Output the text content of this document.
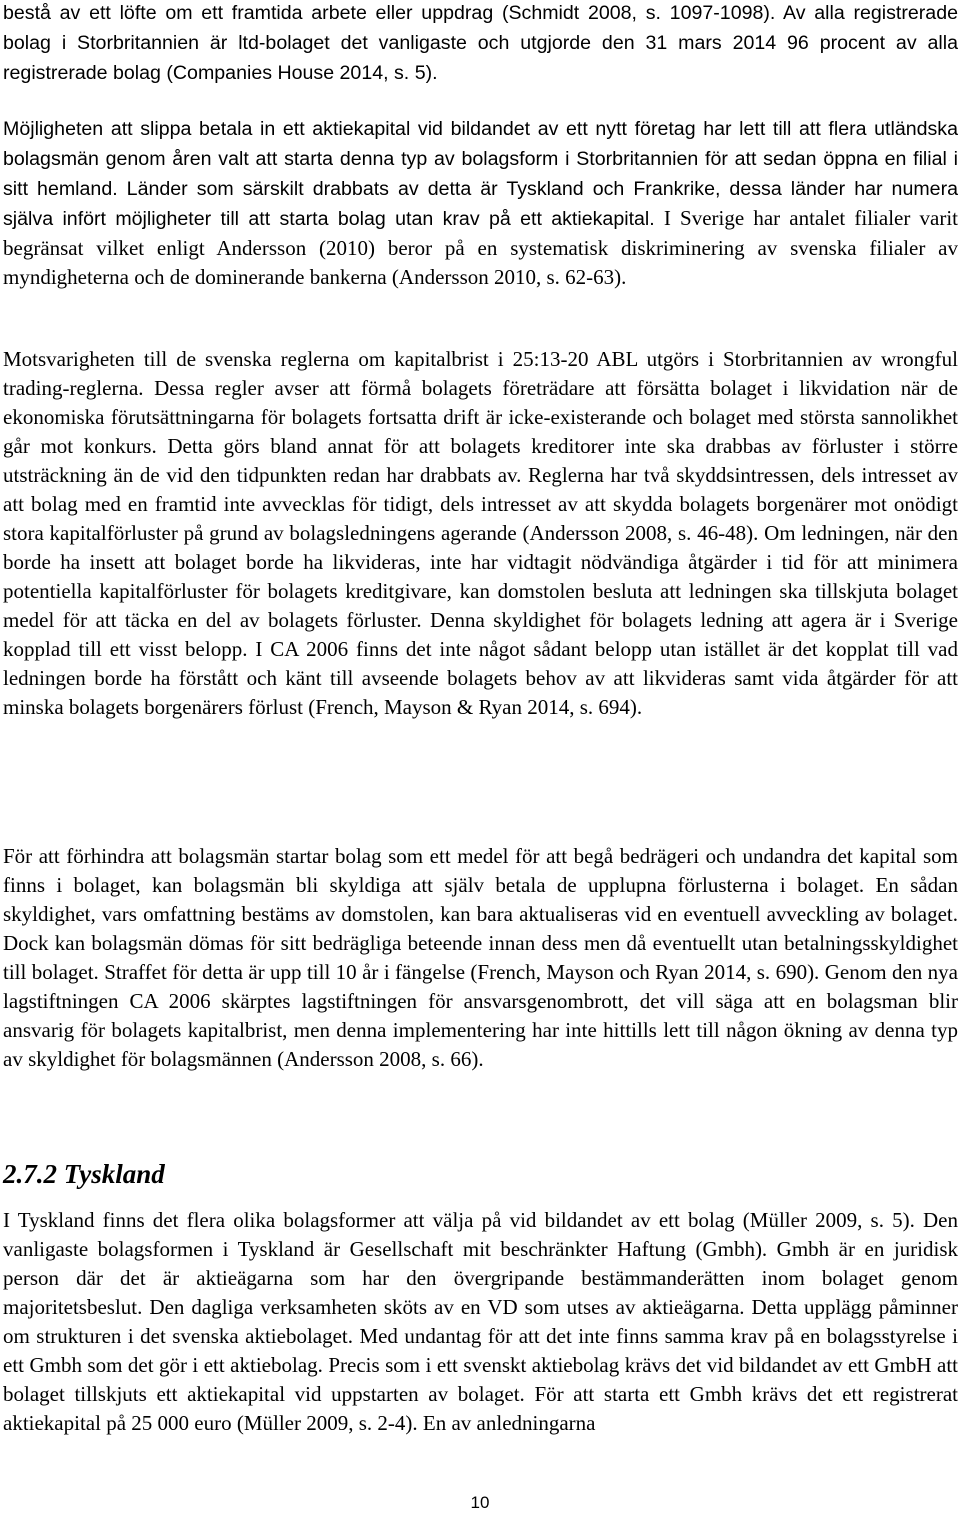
bestå av ett löfte om ett framtida arbete eller uppdrag (Schmidt 2008, s. 1097-1098). Av alla registrerade bolag i Storbritannien är ltd-bolaget det vanligaste och utgjorde den 31 mars 2014 96 procent av alla registrerade bolag (Companies House 2014, s. 5).

Möjligheten att slippa betala in ett aktiekapital vid bildandet av ett nytt företag har lett till att flera utländska bolagsmän genom åren valt att starta denna typ av bolagsform i Storbritannien för att sedan öppna en filial i sitt hemland. Länder som särskilt drabbats av detta är Tyskland och Frankrike, dessa länder har numera själva infört möjligheter till att starta bolag utan krav på ett aktiekapital. I Sverige har antalet filialer varit begränsat vilket enligt Andersson (2010) beror på en systematisk diskriminering av svenska filialer av myndigheterna och de dominerande bankerna (Andersson 2010, s. 62-63).

Motsvarigheten till de svenska reglerna om kapitalbrist i 25:13-20 ABL utgörs i Storbritannien av wrongful trading-reglerna. Dessa regler avser att förmå bolagets företrädare att försätta bolaget i likvidation när de ekonomiska förutsättningarna för bolagets fortsatta drift är icke-existerande och bolaget med största sannolikhet går mot konkurs. Detta görs bland annat för att bolagets kreditorer inte ska drabbas av förluster i större utsträckning än de vid den tidpunkten redan har drabbats av. Reglerna har två skyddsintressen, dels intresset av att bolag med en framtid inte avvecklas för tidigt, dels intresset av att skydda bolagets borgenärer mot onödigt stora kapitalförluster på grund av bolagsledningens agerande (Andersson 2008, s. 46-48). Om ledningen, när den borde ha insett att bolaget borde ha likvideras, inte har vidtagit nödvändiga åtgärder i tid för att minimera potentiella kapitalförluster för bolagets kreditgivare, kan domstolen besluta att ledningen ska tillskjuta bolaget medel för att täcka en del av bolagets förluster. Denna skyldighet för bolagets ledning att agera är i Sverige kopplad till ett visst belopp. I CA 2006 finns det inte något sådant belopp utan istället är det kopplat till vad ledningen borde ha förstått och känt till avseende bolagets behov av att likvideras samt vida åtgärder för att minska bolagets borgenärers förlust (French, Mayson & Ryan 2014, s. 694).

För att förhindra att bolagsmän startar bolag som ett medel för att begå bedrägeri och undandra det kapital som finns i bolaget, kan bolagsmän bli skyldiga att själv betala de upplupna förlusterna i bolaget. En sådan skyldighet, vars omfattning bestäms av domstolen, kan bara aktualiseras vid en eventuell avveckling av bolaget. Dock kan bolagsmän dömas för sitt bedrägliga beteende innan dess men då eventuellt utan betalningsskyldighet till bolaget. Straffet för detta är upp till 10 år i fängelse (French, Mayson och Ryan 2014, s. 690). Genom den nya lagstiftningen CA 2006 skärptes lagstiftningen för ansvarsgenombrott, det vill säga att en bolagsman blir ansvarig för bolagets kapitalbrist, men denna implementering har inte hittills lett till någon ökning av denna typ av skyldighet för bolagsmännen (Andersson 2008, s. 66).

2.7.2 Tyskland

I Tyskland finns det flera olika bolagsformer att välja på vid bildandet av ett bolag (Müller 2009, s. 5). Den vanligaste bolagsformen i Tyskland är Gesellschaft mit beschränkter Haftung (Gmbh). Gmbh är en juridisk person där det är aktieägarna som har den övergripande bestämmanderätten inom bolaget genom majoritetsbeslut. Den dagliga verksamheten sköts av en VD som utses av aktieägarna. Detta upplägg påminner om strukturen i det svenska aktiebolaget. Med undantag för att det inte finns samma krav på en bolagsstyrelse i ett Gmbh som det gör i ett aktiebolag. Precis som i ett svenskt aktiebolag krävs det vid bildandet av ett GmbH att bolaget tillskjuts ett aktiekapital vid uppstarten av bolaget. För att starta ett Gmbh krävs det ett registrerat aktiekapital på 25 000 euro (Müller 2009, s. 2-4). En av anledningarna

10
